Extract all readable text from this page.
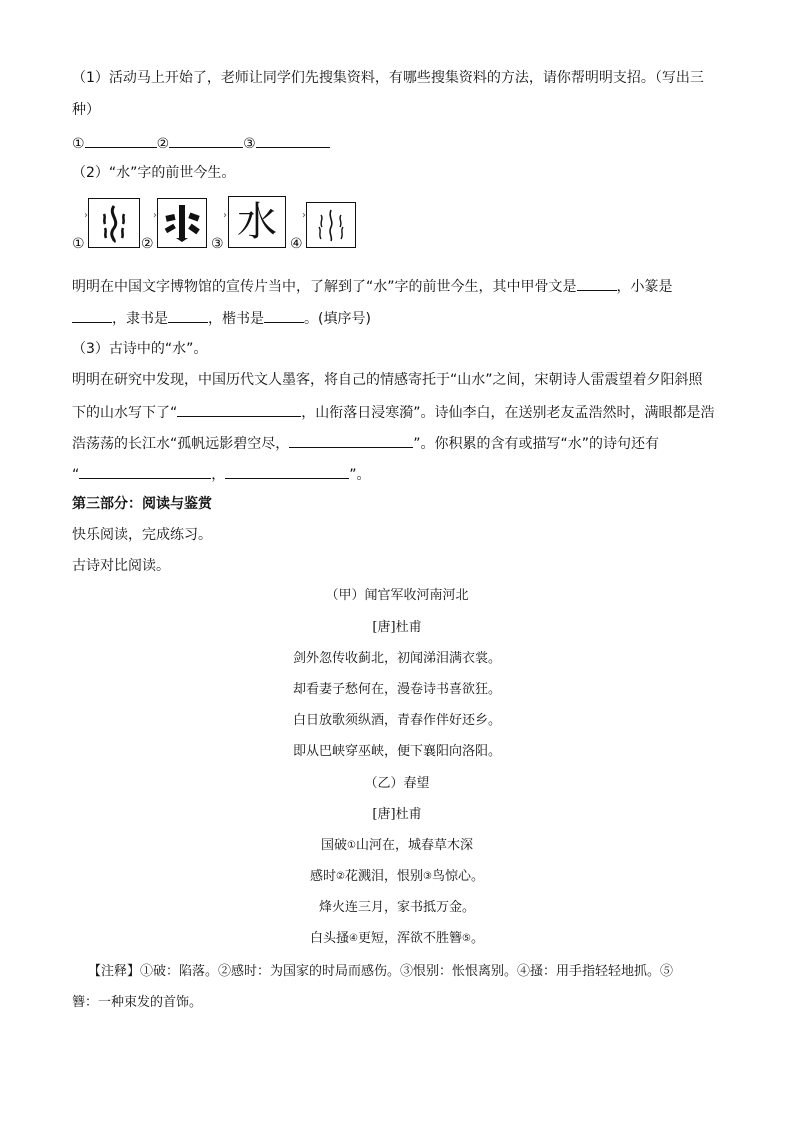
（1）活动马上开始了，老师让同学们先搜集资料，有哪些搜集资料的方法，请你帮明明支招。（写出三
种）
①	②	③
（2）“水”字的前世今生。
①
›
②
›
③
› 水 ④
›
明明在中国文字博物馆的宣传片当中，了解到了“水”字的前世今生，其中甲骨文是	，小篆是
，隶书是	，楷书是	。(填序号)
（3）古诗中的“水”。
明明在研究中发现，中国历代文人墨客，将自己的情感寄托于“山水”之间，宋朝诗人雷震望着夕阳斜照
下的山水写下了“	，山衔落日浸寒漪”。诗仙李白，在送别老友孟浩然时，满眼都是浩
浩荡荡的长江水“孤帆远影碧空尽，	”。你积累的含有或描写“水”的诗句还有
“	，	”。
第三部分：阅读与鉴赏
快乐阅读，完成练习。
古诗对比阅读。
（甲）闻官军收河南河北
[唐]杜甫
剑外忽传收蓟北，初闻涕泪满衣裳。
却看妻子愁何在，漫卷诗书喜欲狂。
白日放歌须纵酒，青春作伴好还乡。
即从巴峡穿巫峡，便下襄阳向洛阳。
（乙）春望
[唐]杜甫
国破①山河在，城春草木深
感时②花溅泪，恨别③鸟惊心。
烽火连三月，家书抵万金。
白头搔④更短，浑欲不胜簪⑤。
【注释】①破：陷落。②感时：为国家的时局而感伤。③恨别：怅恨离别。④搔：用手指轻轻地抓。⑤
簪：一种束发的首饰。
